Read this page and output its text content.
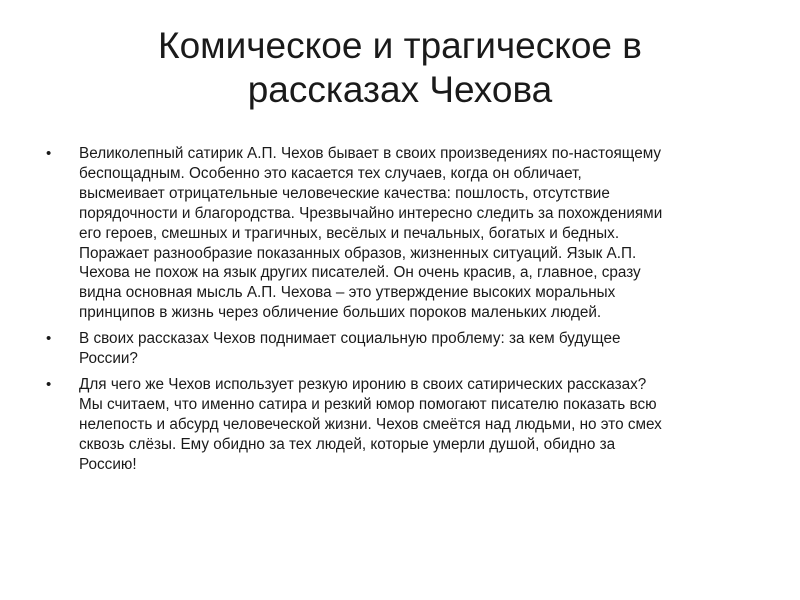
Комическое и трагическое в
рассказах Чехова
•	Великолепный сатирик А.П. Чехов бывает в своих произведениях по-настоящему
беспощадным. Особенно это касается тех случаев, когда он обличает,
высмеивает отрицательные человеческие качества: пошлость, отсутствие
порядочности и благородства. Чрезвычайно интересно следить за похождениями
его героев, смешных и трагичных, весёлых и печальных, богатых и бедных.
Поражает разнообразие показанных образов, жизненных ситуаций. Язык А.П.
Чехова не похож на язык других писателей. Он очень красив, а, главное, сразу
видна основная мысль А.П. Чехова – это утверждение высоких моральных
принципов в жизнь через обличение больших пороков маленьких людей.
•	В своих рассказах Чехов поднимает социальную проблему: за кем будущее
России?
•	Для чего же Чехов использует резкую иронию в своих сатирических рассказах?
Мы считаем, что именно сатира и резкий юмор помогают писателю показать всю
нелепость и абсурд человеческой жизни. Чехов смеётся над людьми, но это смех
сквозь слёзы. Ему обидно за тех людей, которые умерли душой, обидно за
Россию!
